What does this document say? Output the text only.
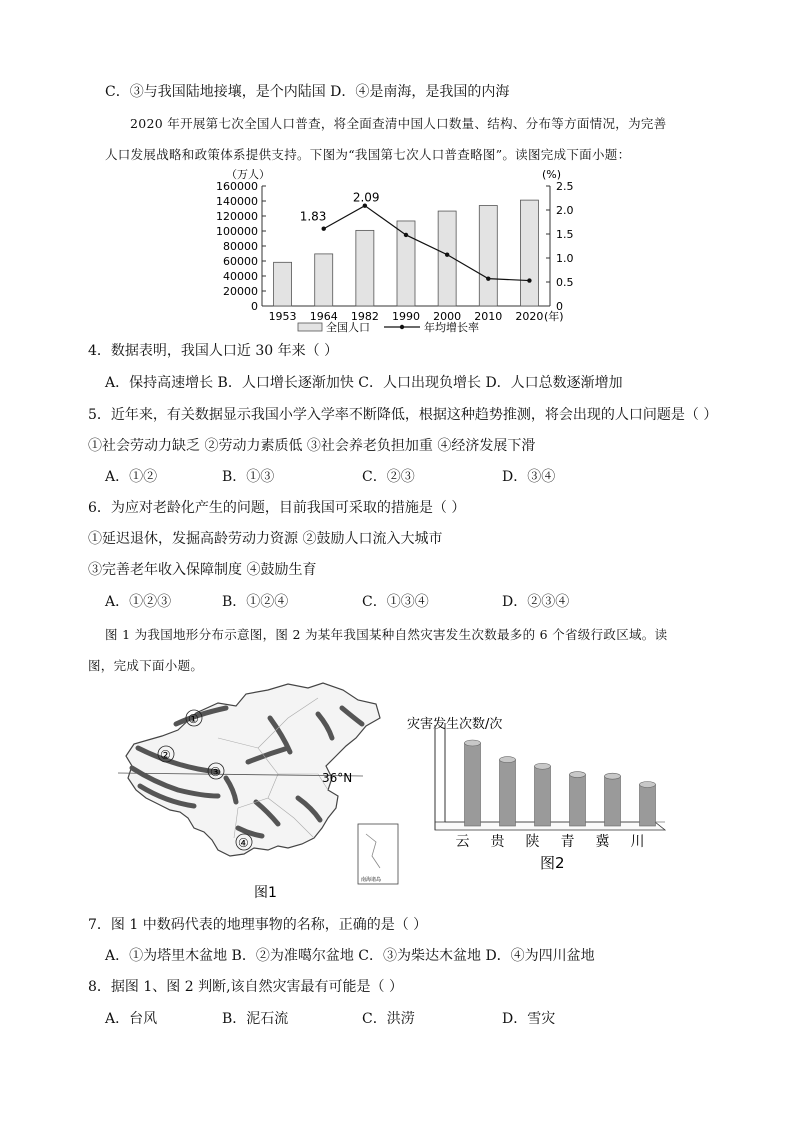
C．③与我国陆地接壤，是个内陆国 D．④是南海，是我国的内海
2020 年开展第七次全国人口普查，将全面查清中国人口数量、结构、分布等方面情况，为完善
人口发展战略和政策体系提供支持。下图为“我国第七次人口普查略图”。读图完成下面小题：
0
20000
40000
60000
80000
100000
120000
140000
160000
0
0.5
1.0
1.5
2.0
2.5
（万人）	(%)
1953 1964 1982 1990 2000 2010 2020 (年)
1.83
2.09
全国人口	年均增长率
4．数据表明，我国人口近 30 年来（ ）
A．保持高速增长 B．人口增长逐渐加快 C．人口出现负增长 D．人口总数逐渐增加
5．近年来，有关数据显示我国小学入学率不断降低，根据这种趋势推测，将会出现的人口问题是（ ）
①社会劳动力缺乏 ②劳动力素质低 ③社会养老负担加重 ④经济发展下滑
A．①②	B．①③	C．②③	D．③④
6．为应对老龄化产生的问题，目前我国可采取的措施是（ ）
①延迟退休，发掘高龄劳动力资源 ②鼓励人口流入大城市
③完善老年收入保障制度 ④鼓励生育
A．①②③	B．①②④	C．①③④	D．②③④
图 1 为我国地形分布示意图，图 2 为某年我国某种自然灾害发生次数最多的 6 个省级行政区域。读
图，完成下面小题。
36°N
①
②
③
④
南海诸岛
图1
灾害发生次数/次
云 贵 陕 青 冀 川
图2
7．图 1 中数码代表的地理事物的名称，正确的是（ ）
A．①为塔里木盆地 B．②为准噶尔盆地 C．③为柴达木盆地 D．④为四川盆地
8．据图 1、图 2 判断,该自然灾害最有可能是（ ）
A．台风	B．泥石流	C．洪涝	D．雪灾
